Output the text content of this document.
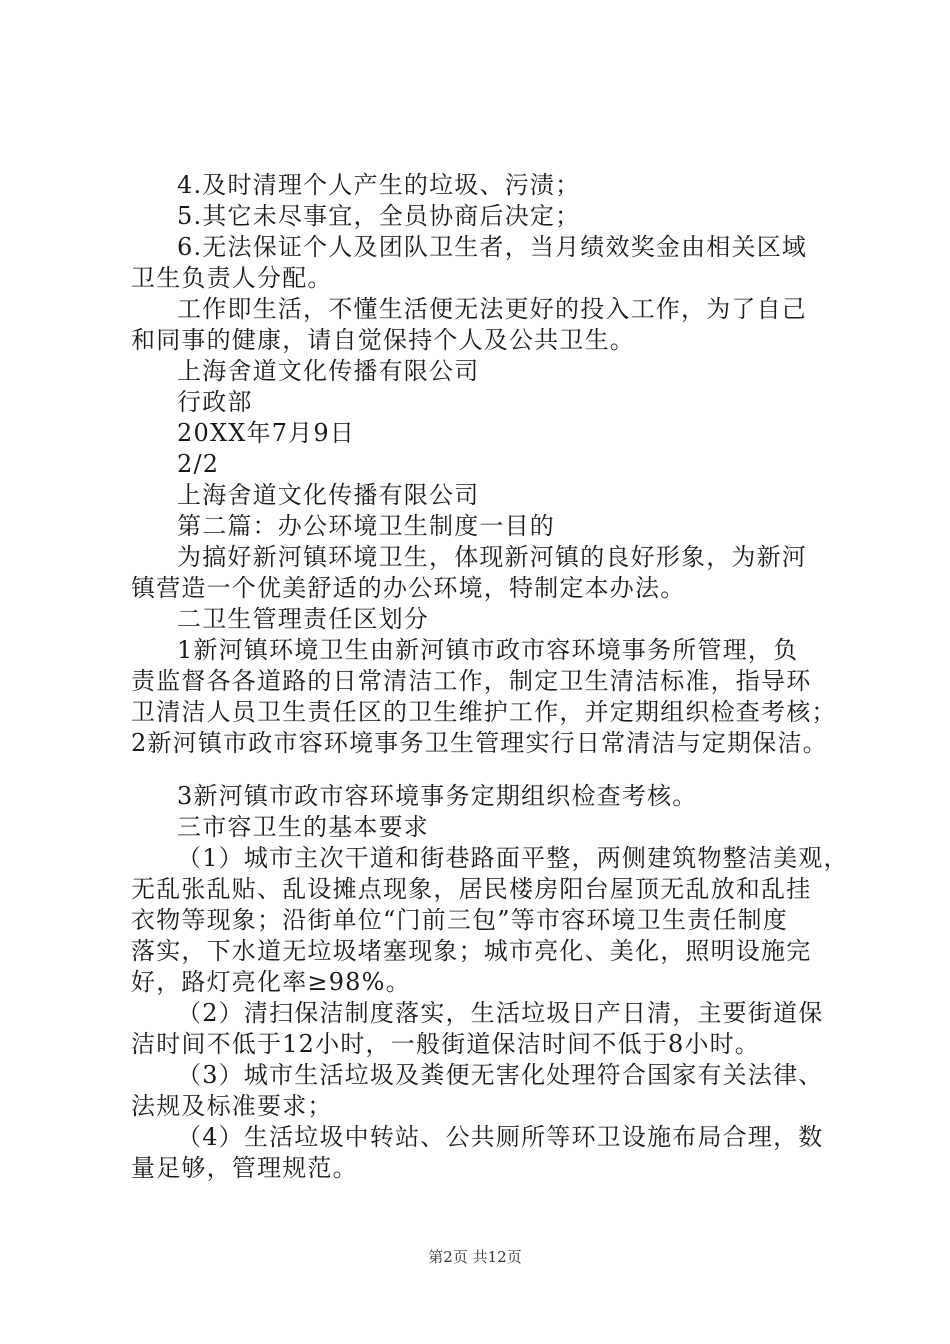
4.及时清理个人产生的垃圾、污渍；
5.其它未尽事宜，全员协商后决定；
6.无法保证个人及团队卫生者，当月绩效奖金由相关区域
卫生负责人分配。
工作即生活，不懂生活便无法更好的投入工作，为了自己
和同事的健康，请自觉保持个人及公共卫生。
上海舍道文化传播有限公司
行政部
20XX年7月9日
2/2
上海舍道文化传播有限公司
第二篇：办公环境卫生制度一目的
为搞好新河镇环境卫生，体现新河镇的良好形象，为新河
镇营造一个优美舒适的办公环境，特制定本办法。
二卫生管理责任区划分
1新河镇环境卫生由新河镇市政市容环境事务所管理，负
责监督各各道路的日常清洁工作，制定卫生清洁标准，指导环
卫清洁人员卫生责任区的卫生维护工作，并定期组织检查考核；
2新河镇市政市容环境事务卫生管理实行日常清洁与定期保洁。
3新河镇市政市容环境事务定期组织检查考核。
三市容卫生的基本要求
（1）城市主次干道和街巷路面平整，两侧建筑物整洁美观，
无乱张乱贴、乱设摊点现象，居民楼房阳台屋顶无乱放和乱挂
衣物等现象；沿街单位“门前三包”等市容环境卫生责任制度
落实，下水道无垃圾堵塞现象；城市亮化、美化，照明设施完
好，路灯亮化率≥98%。
（2）清扫保洁制度落实，生活垃圾日产日清，主要街道保
洁时间不低于12小时，一般街道保洁时间不低于8小时。
（3）城市生活垃圾及粪便无害化处理符合国家有关法律、
法规及标准要求；
（4）生活垃圾中转站、公共厕所等环卫设施布局合理，数
量足够，管理规范。
第2页 共12页
